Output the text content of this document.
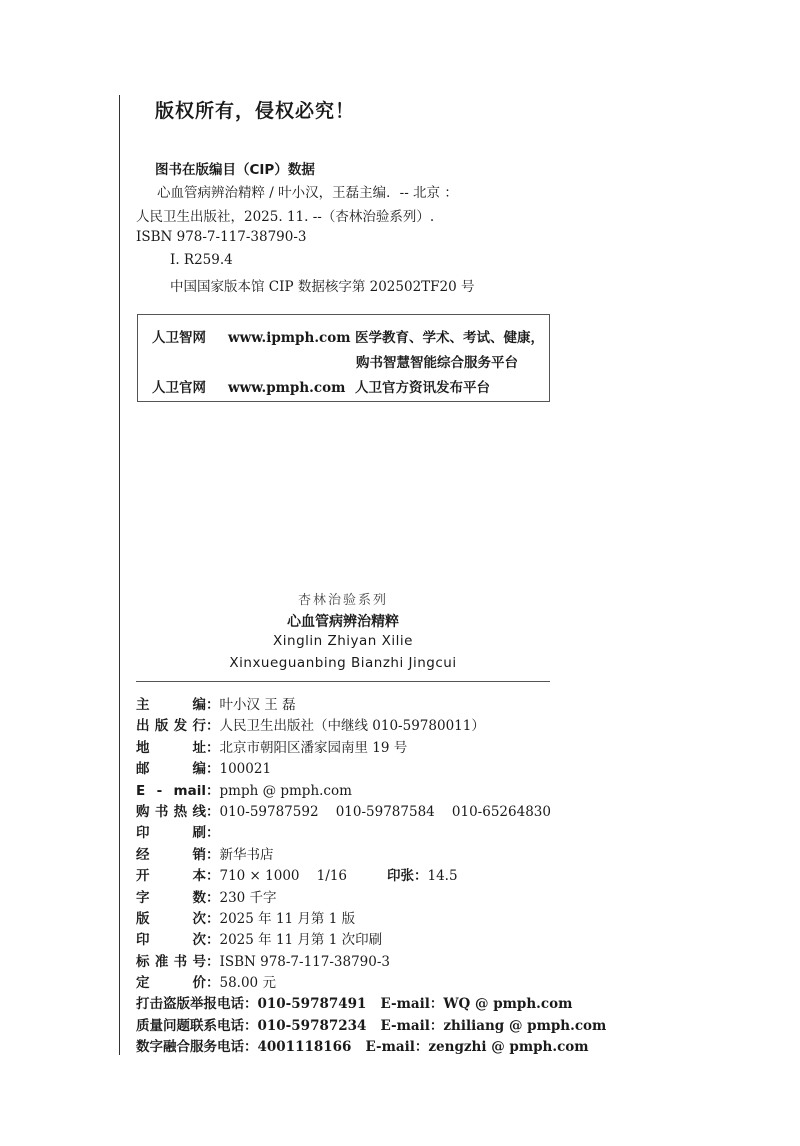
版权所有，侵权必究！
图书在版编目（CIP）数据
心血管病辨治精粹 / 叶小汉，王磊主编．-- 北京 ：
人民卫生出版社，2025. 11. --（杏林治验系列）.
ISBN 978-7-117-38790-3
Ⅰ. R259.4
中国国家版本馆 CIP 数据核字第 202502TF20 号
人卫智网 www.ipmph.com 医学教育、学术、考试、健康，
购书智慧智能综合服务平台
人卫官网 www.pmph.com 人卫官方资讯发布平台
杏林治验系列
心血管病辨治精粹
Xinglin Zhiyan Xilie
Xinxueguanbing Bianzhi Jingcui
主编：叶小汉 王 磊
出版发行：人民卫生出版社（中继线 010-59780011）
地址：北京市朝阳区潘家园南里 19 号
邮编：100021
E - mail：pmph @ pmph.com
购书热线：010-59787592    010-59787584    010-65264830
印刷：
经销：新华书店
开本：710 × 1000    1/16	印张：14.5
字数：230 千字
版次：2025 年 11 月第 1 版
印次：2025 年 11 月第 1 次印刷
标准书号：ISBN 978-7-117-38790-3
定价：58.00 元
打击盗版举报电话：010-59787491 E-mail：WQ @ pmph.com
质量问题联系电话：010-59787234 E-mail：zhiliang @ pmph.com
数字融合服务电话：4001118166 E-mail：zengzhi @ pmph.com
